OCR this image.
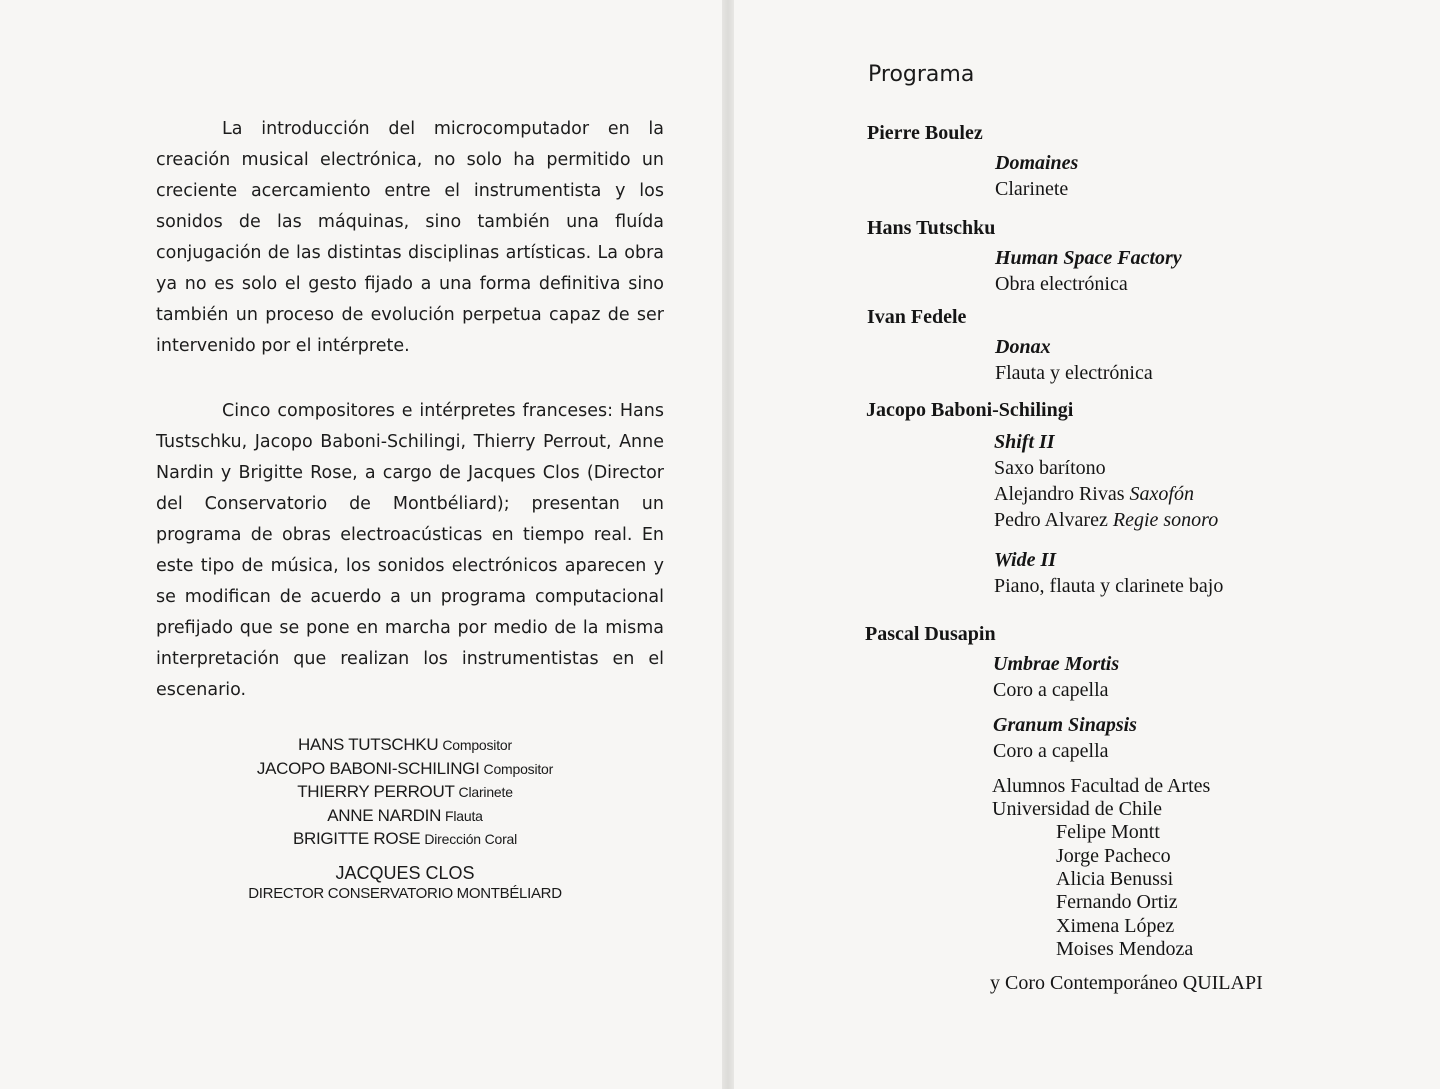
La introducción del microcomputador en la creación musical electrónica, no solo ha permitido un creciente acercamiento entre el instrumentista y los sonidos de las máquinas, sino también una fluída conjugación de las distintas disciplinas artísticas. La obra ya no es solo el gesto fijado a una forma definitiva sino también un proceso de evolución perpetua capaz de ser intervenido por el intérprete.

Cinco compositores e intérpretes franceses: Hans Tustschku, Jacopo Baboni-Schilingi, Thierry Perrout, Anne Nardin y Brigitte Rose, a cargo de Jacques Clos (Director del Conservatorio de Montbéliard); presentan un programa de obras electroacústicas en tiempo real. En este tipo de música, los sonidos electrónicos aparecen y se modifican de acuerdo a un programa computacional prefijado que se pone en marcha por medio de la misma interpretación que realizan los instrumentistas en el escenario.

HANS TUTSCHKU Compositor
JACOPO BABONI-SCHILINGI Compositor
THIERRY PERROUT Clarinete
ANNE NARDIN Flauta
BRIGITTE ROSE Dirección Coral
JACQUES CLOS
DIRECTOR CONSERVATORIO MONTBÉLIARD
Programa
Pierre Boulez
Domaines
Clarinete
Hans Tutschku
Human Space Factory
Obra electrónica
Ivan Fedele
Donax
Flauta y electrónica
Jacopo Baboni-Schilingi
Shift II
Saxo barítono
Alejandro Rivas Saxofón
Pedro Alvarez Regie sonoro
Wide II
Piano, flauta y clarinete bajo
Pascal Dusapin
Umbrae Mortis
Coro a capella
Granum Sinapsis
Coro a capella
Alumnos Facultad de Artes
Universidad de Chile
Felipe Montt
Jorge Pacheco
Alicia Benussi
Fernando Ortiz
Ximena López
Moises Mendoza
y Coro Contemporáneo QUILAPI
